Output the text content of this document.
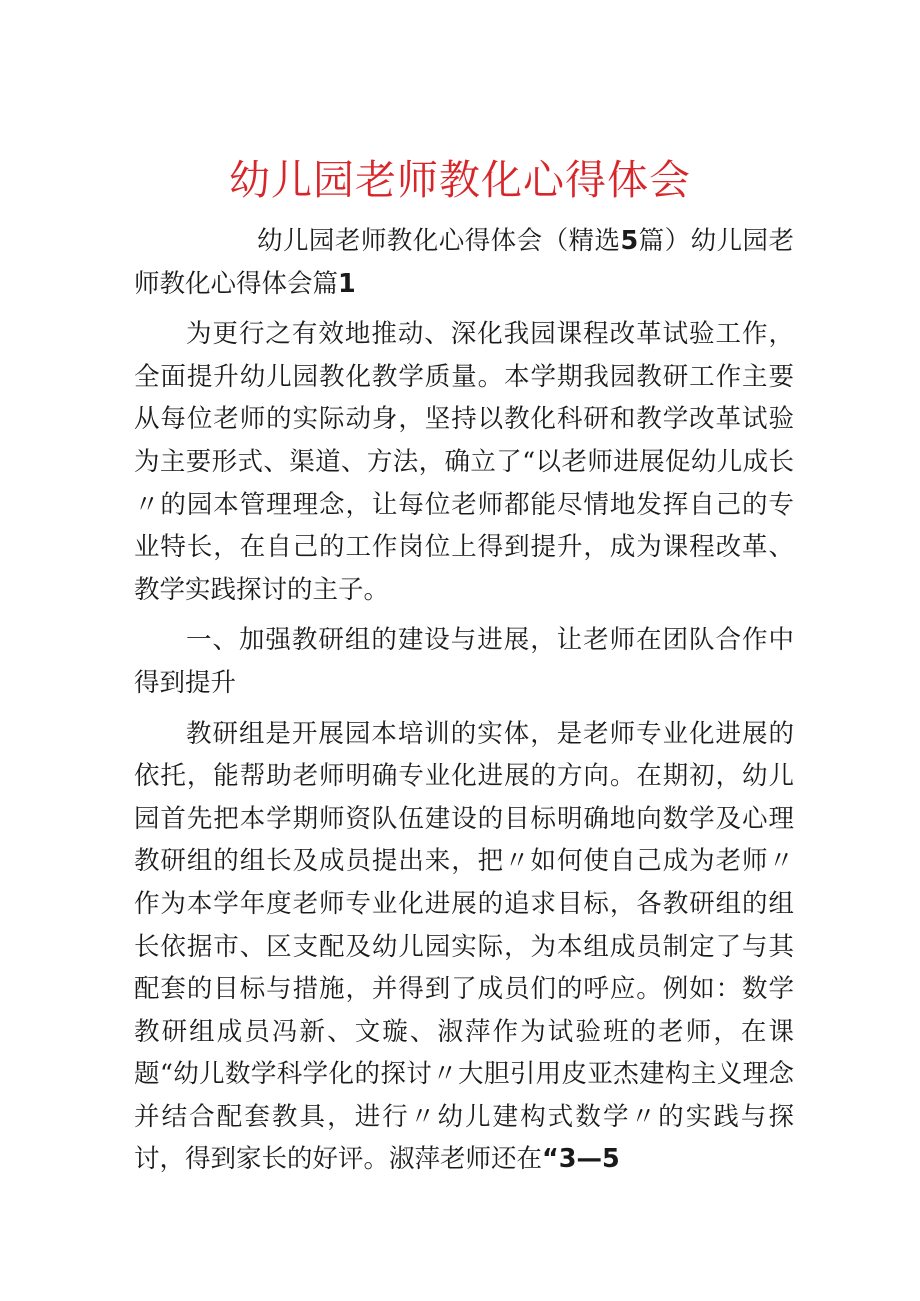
幼儿园老师教化心得体会

幼儿园老师教化心得体会（精选5篇）幼儿园老师教化心得体会篇1

为更行之有效地推动、深化我园课程改革试验工作，全面提升幼儿园教化教学质量。本学期我园教研工作主要从每位老师的实际动身，坚持以教化科研和教学改革试验为主要形式、渠道、方法，确立了“以老师进展促幼儿成长〃的园本管理理念，让每位老师都能尽情地发挥自己的专业特长，在自己的工作岗位上得到提升，成为课程改革、教学实践探讨的主子。

一、加强教研组的建设与进展，让老师在团队合作中得到提升

教研组是开展园本培训的实体，是老师专业化进展的依托，能帮助老师明确专业化进展的方向。在期初，幼儿园首先把本学期师资队伍建设的目标明确地向数学及心理教研组的组长及成员提出来，把〃如何使自己成为老师〃作为本学年度老师专业化进展的追求目标，各教研组的组长依据市、区支配及幼儿园实际，为本组成员制定了与其配套的目标与措施，并得到了成员们的呼应。例如：数学教研组成员冯新、文璇、淑萍作为试验班的老师，在课题“幼儿数学科学化的探讨〃大胆引用皮亚杰建构主义理念并结合配套教具，进行〃幼儿建构式数学〃的实践与探讨，得到家长的好评。淑萍老师还在“3—5
